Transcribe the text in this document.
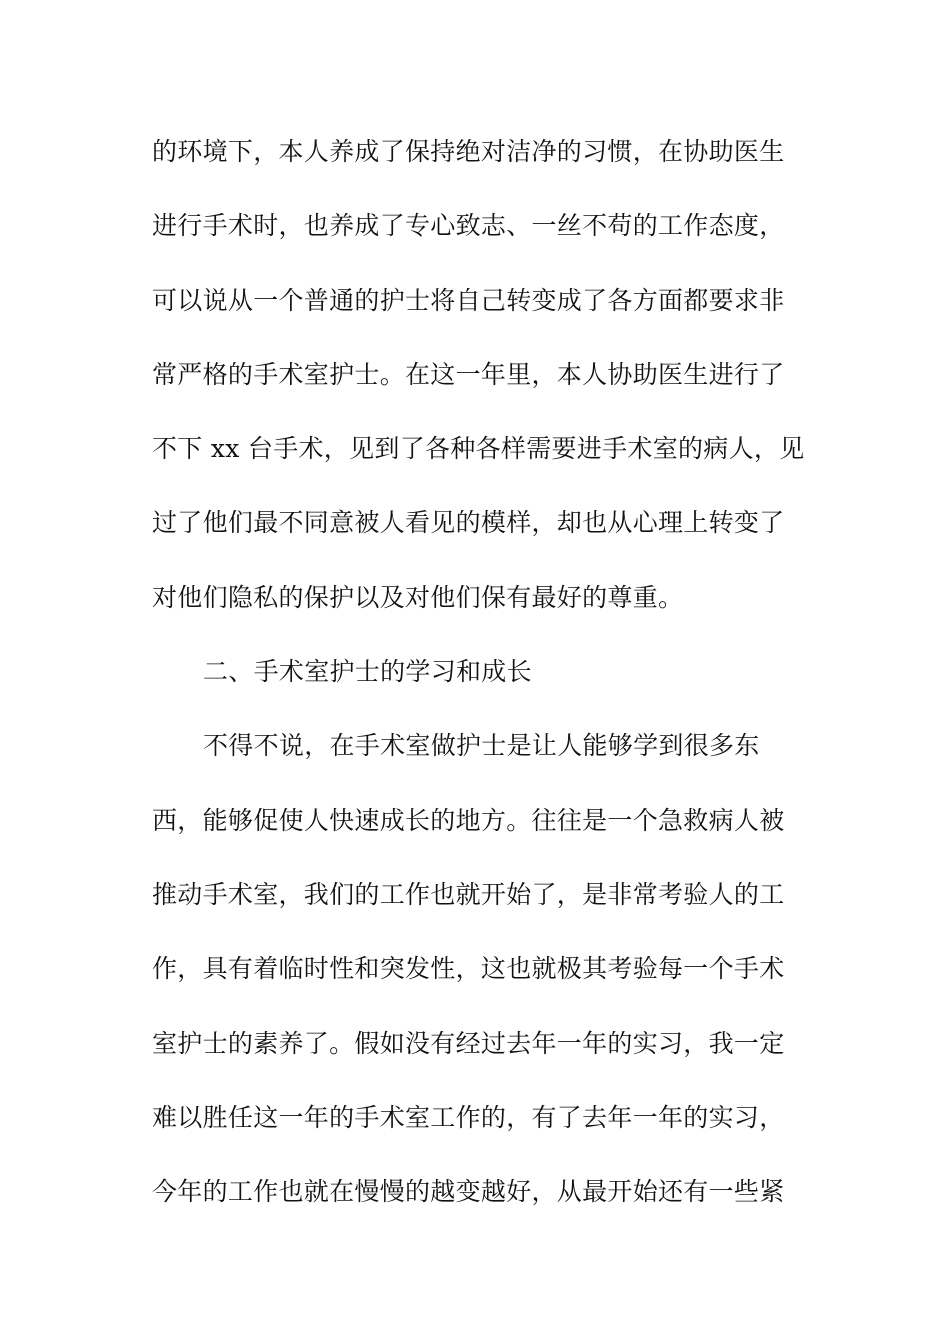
的环境下，本人养成了保持绝对洁净的习惯，在协助医生
进行手术时，也养成了专心致志、一丝不苟的工作态度，
可以说从一个普通的护士将自己转变成了各方面都要求非
常严格的手术室护士。在这一年里，本人协助医生进行了
不下 xx 台手术，见到了各种各样需要进手术室的病人，见
过了他们最不同意被人看见的模样，却也从心理上转变了
对他们隐私的保护以及对他们保有最好的尊重。
二、手术室护士的学习和成长
不得不说，在手术室做护士是让人能够学到很多东
西，能够促使人快速成长的地方。往往是一个急救病人被
推动手术室，我们的工作也就开始了，是非常考验人的工
作，具有着临时性和突发性，这也就极其考验每一个手术
室护士的素养了。假如没有经过去年一年的实习，我一定
难以胜任这一年的手术室工作的，有了去年一年的实习，
今年的工作也就在慢慢的越变越好，从最开始还有一些紧
